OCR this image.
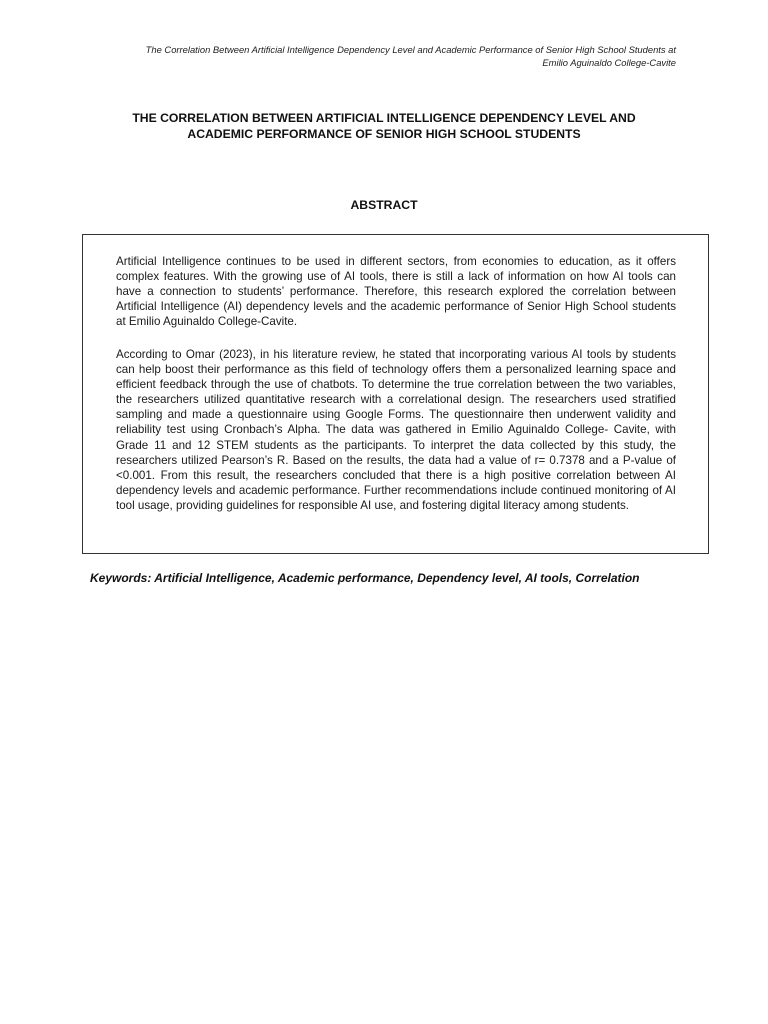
The Correlation Between Artificial Intelligence Dependency Level and Academic Performance of Senior High School Students at
Emilio Aguinaldo College-Cavite
THE CORRELATION BETWEEN ARTIFICIAL INTELLIGENCE DEPENDENCY LEVEL AND
ACADEMIC PERFORMANCE OF SENIOR HIGH SCHOOL STUDENTS
ABSTRACT

Artificial Intelligence continues to be used in different sectors, from economies to education, as it offers complex features. With the growing use of AI tools, there is still a lack of information on how AI tools can have a connection to students’ performance. Therefore, this research explored the correlation between Artificial Intelligence (AI) dependency levels and the academic performance of Senior High School students at Emilio Aguinaldo College-Cavite.

According to Omar (2023), in his literature review, he stated that incorporating various AI tools by students can help boost their performance as this field of technology offers them a personalized learning space and efficient feedback through the use of chatbots. To determine the true correlation between the two variables, the researchers utilized quantitative research with a correlational design. The researchers used stratified sampling and made a questionnaire using Google Forms. The questionnaire then underwent validity and reliability test using Cronbach’s Alpha. The data was gathered in Emilio Aguinaldo College- Cavite, with Grade 11 and 12 STEM students as the participants. To interpret the data collected by this study, the researchers utilized Pearson’s R. Based on the results, the data had a value of r= 0.7378 and a P-value of <0.001. From this result, the researchers concluded that there is a high positive correlation between AI dependency levels and academic performance. Further recommendations include continued monitoring of AI tool usage, providing guidelines for responsible AI use, and fostering digital literacy among students.

Keywords: Artificial Intelligence, Academic performance, Dependency level, AI tools, Correlation
